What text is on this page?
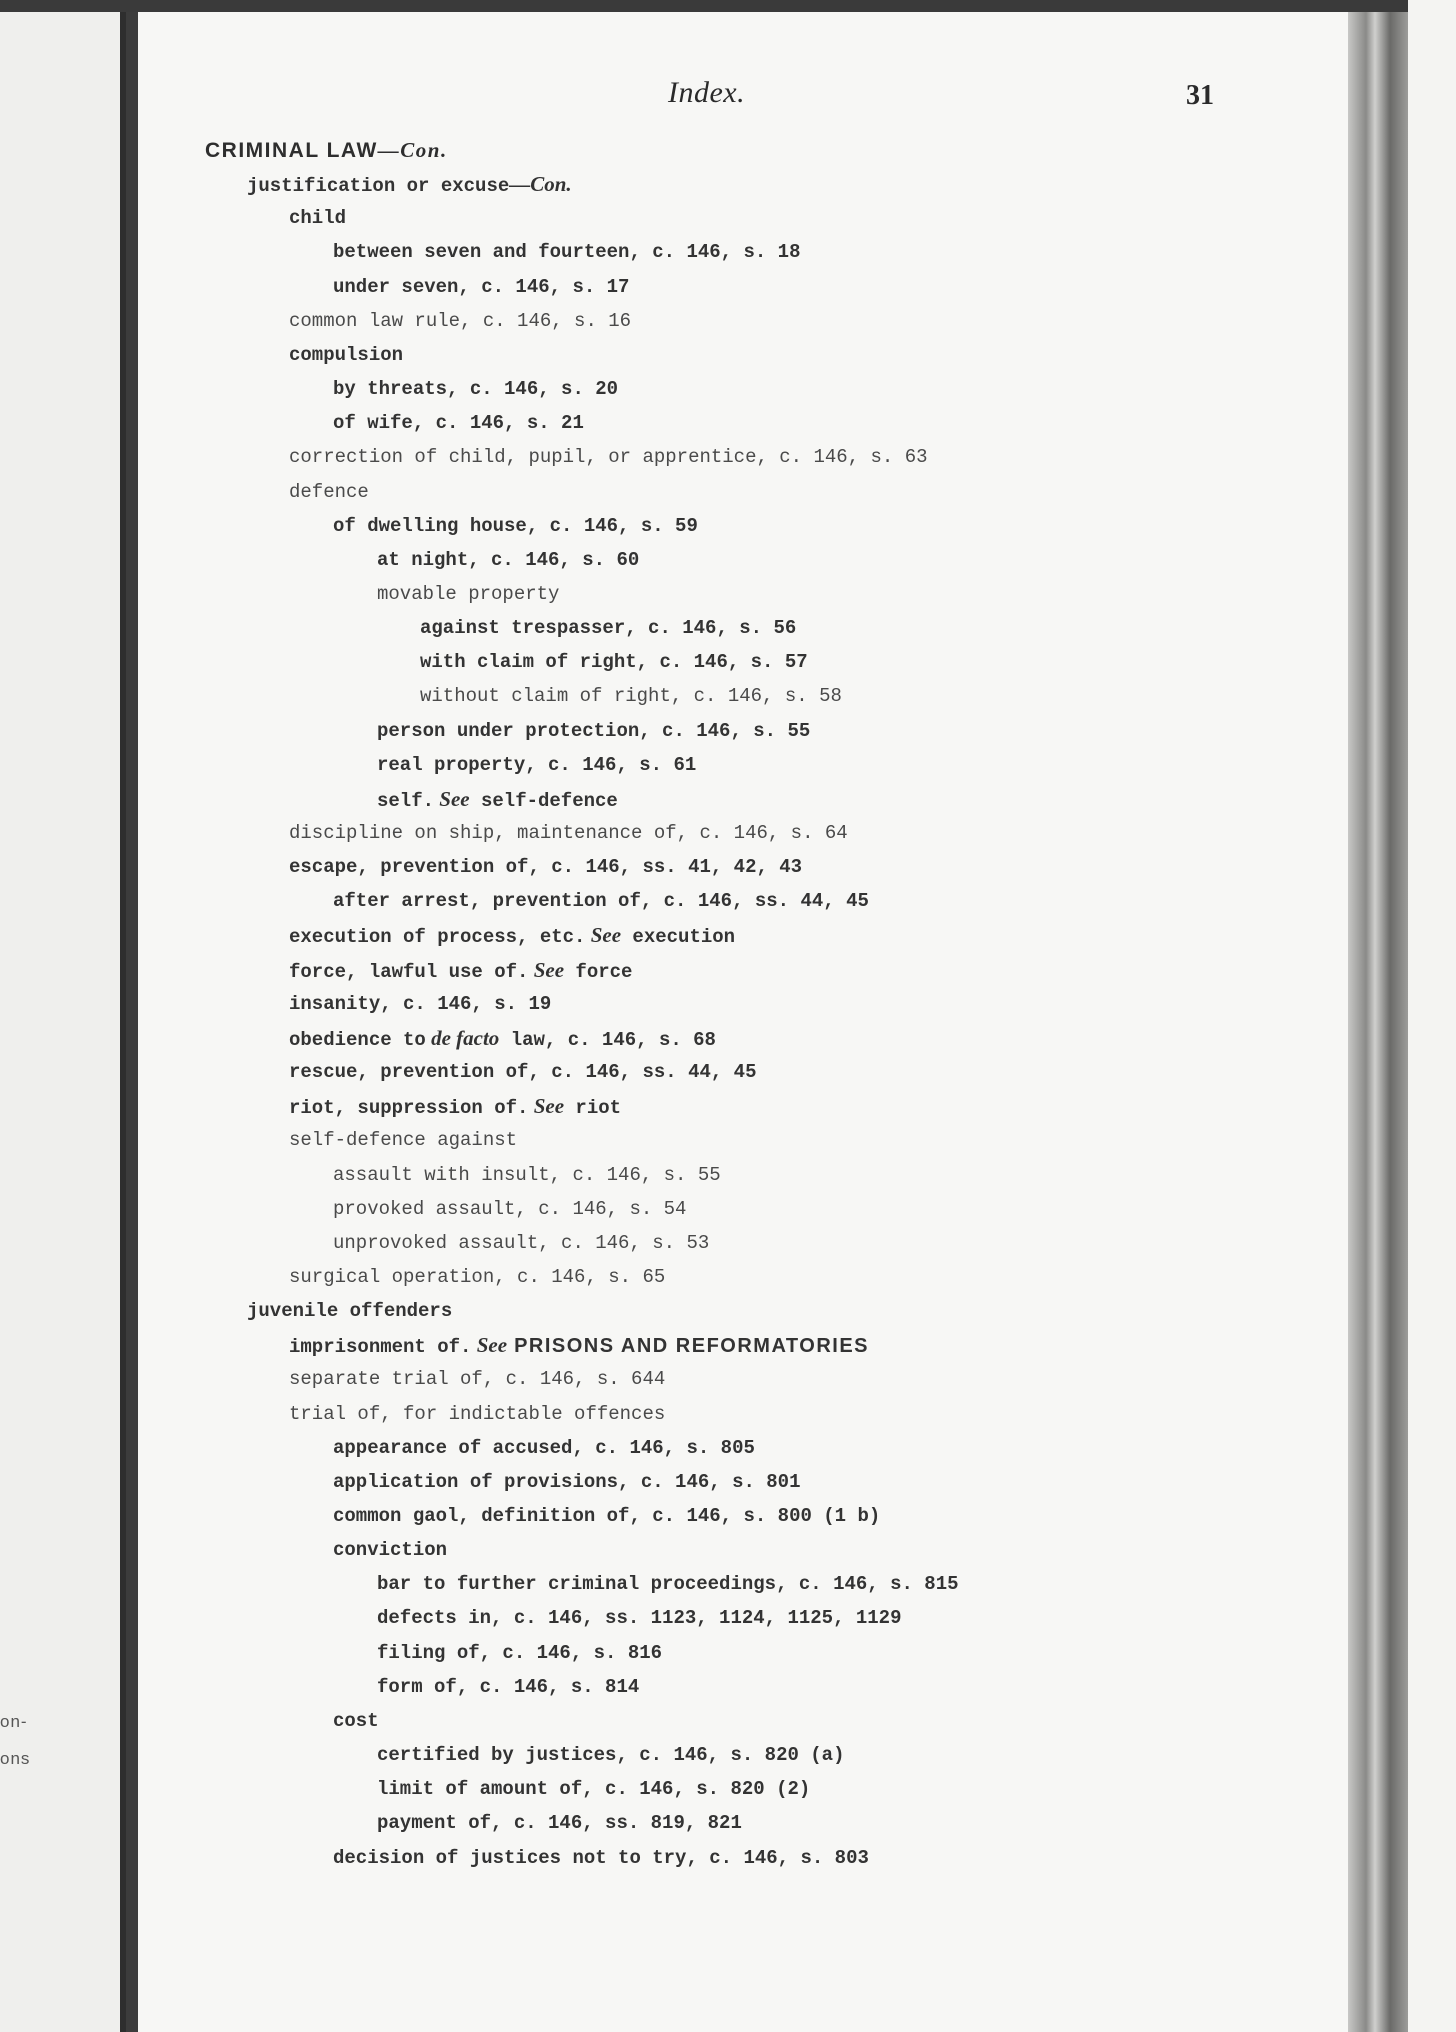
on-
ons
Index.	31
CRIMINAL LAW—Con.
justification or excuse—Con.
child
between seven and fourteen, c. 146, s. 18
under seven, c. 146, s. 17
common law rule, c. 146, s. 16
compulsion
by threats, c. 146, s. 20
of wife, c. 146, s. 21
correction of child, pupil, or apprentice, c. 146, s. 63
defence
of dwelling house, c. 146, s. 59
at night, c. 146, s. 60
movable property
against trespasser, c. 146, s. 56
with claim of right, c. 146, s. 57
without claim of right, c. 146, s. 58
person under protection, c. 146, s. 55
real property, c. 146, s. 61
self. See self-defence
discipline on ship, maintenance of, c. 146, s. 64
escape, prevention of, c. 146, ss. 41, 42, 43
after arrest, prevention of, c. 146, ss. 44, 45
execution of process, etc. See execution
force, lawful use of. See force
insanity, c. 146, s. 19
obedience to de facto law, c. 146, s. 68
rescue, prevention of, c. 146, ss. 44, 45
riot, suppression of. See riot
self-defence against
assault with insult, c. 146, s. 55
provoked assault, c. 146, s. 54
unprovoked assault, c. 146, s. 53
surgical operation, c. 146, s. 65
juvenile offenders
imprisonment of. See PRISONS AND REFORMATORIES
separate trial of, c. 146, s. 644
trial of, for indictable offences
appearance of accused, c. 146, s. 805
application of provisions, c. 146, s. 801
common gaol, definition of, c. 146, s. 800 (1 b)
conviction
bar to further criminal proceedings, c. 146, s. 815
defects in, c. 146, ss. 1123, 1124, 1125, 1129
filing of, c. 146, s. 816
form of, c. 146, s. 814
cost
certified by justices, c. 146, s. 820 (a)
limit of amount of, c. 146, s. 820 (2)
payment of, c. 146, ss. 819, 821
decision of justices not to try, c. 146, s. 803
